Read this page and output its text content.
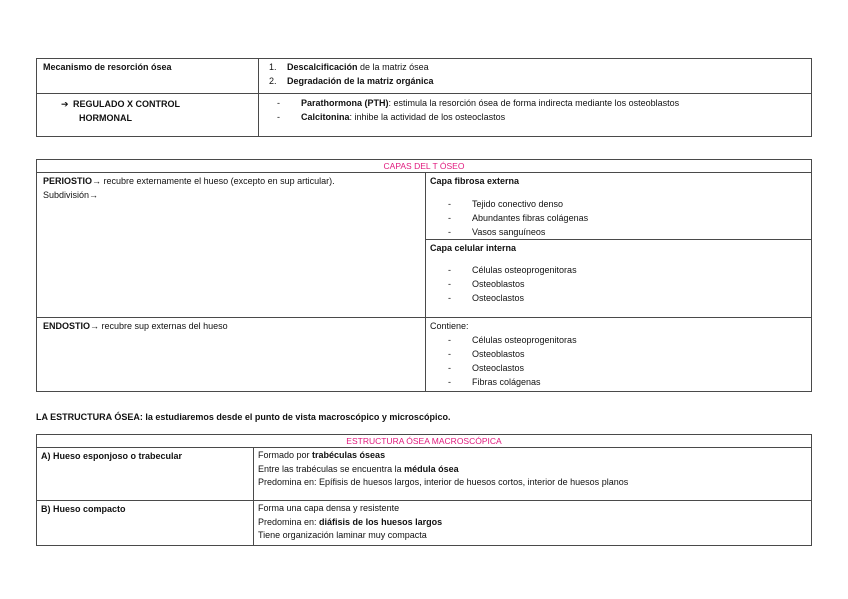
Mecanismo de resorción ósea	1. Descalcificación de la matriz ósea
2. Degradación de la matriz orgánica

➔ REGULADO X CONTROL
HORMONAL	- Parathormona (PTH): estimula la resorción ósea de forma indirecta mediante los osteoblastos
- Calcitonina: inhibe la actividad de los osteoclastos
CAPAS DEL T ÓSEO	

PERIOSTIO→ recubre externamente el hueso (excepto en sup articular).
Subdivisión→	Capa fibrosa externa
- Tejido conectivo denso
- Abundantes fibras colágenas
- Vasos sanguíneos

	Capa celular interna
- Células osteoprogenitoras
- Osteoblastos
- Osteoclastos

ENDOSTIO→ recubre sup externas del hueso	Contiene:
- Células osteoprogenitoras
- Osteoblastos
- Osteoclastos
- Fibras colágenas
LA ESTRUCTURA ÓSEA: la estudiaremos desde el punto de vista macroscópico y microscópico.
ESTRUCTURA ÓSEA MACROSCÓPICA	

A) Hueso esponjoso o trabecular	Formado por trabéculas óseas
Entre las trabéculas se encuentra la médula ósea
Predomina en: Epífisis de huesos largos, interior de huesos cortos, interior de huesos planos

B) Hueso compacto	Forma una capa densa y resistente
Predomina en: diáfisis de los huesos largos
Tiene organización laminar muy compacta
